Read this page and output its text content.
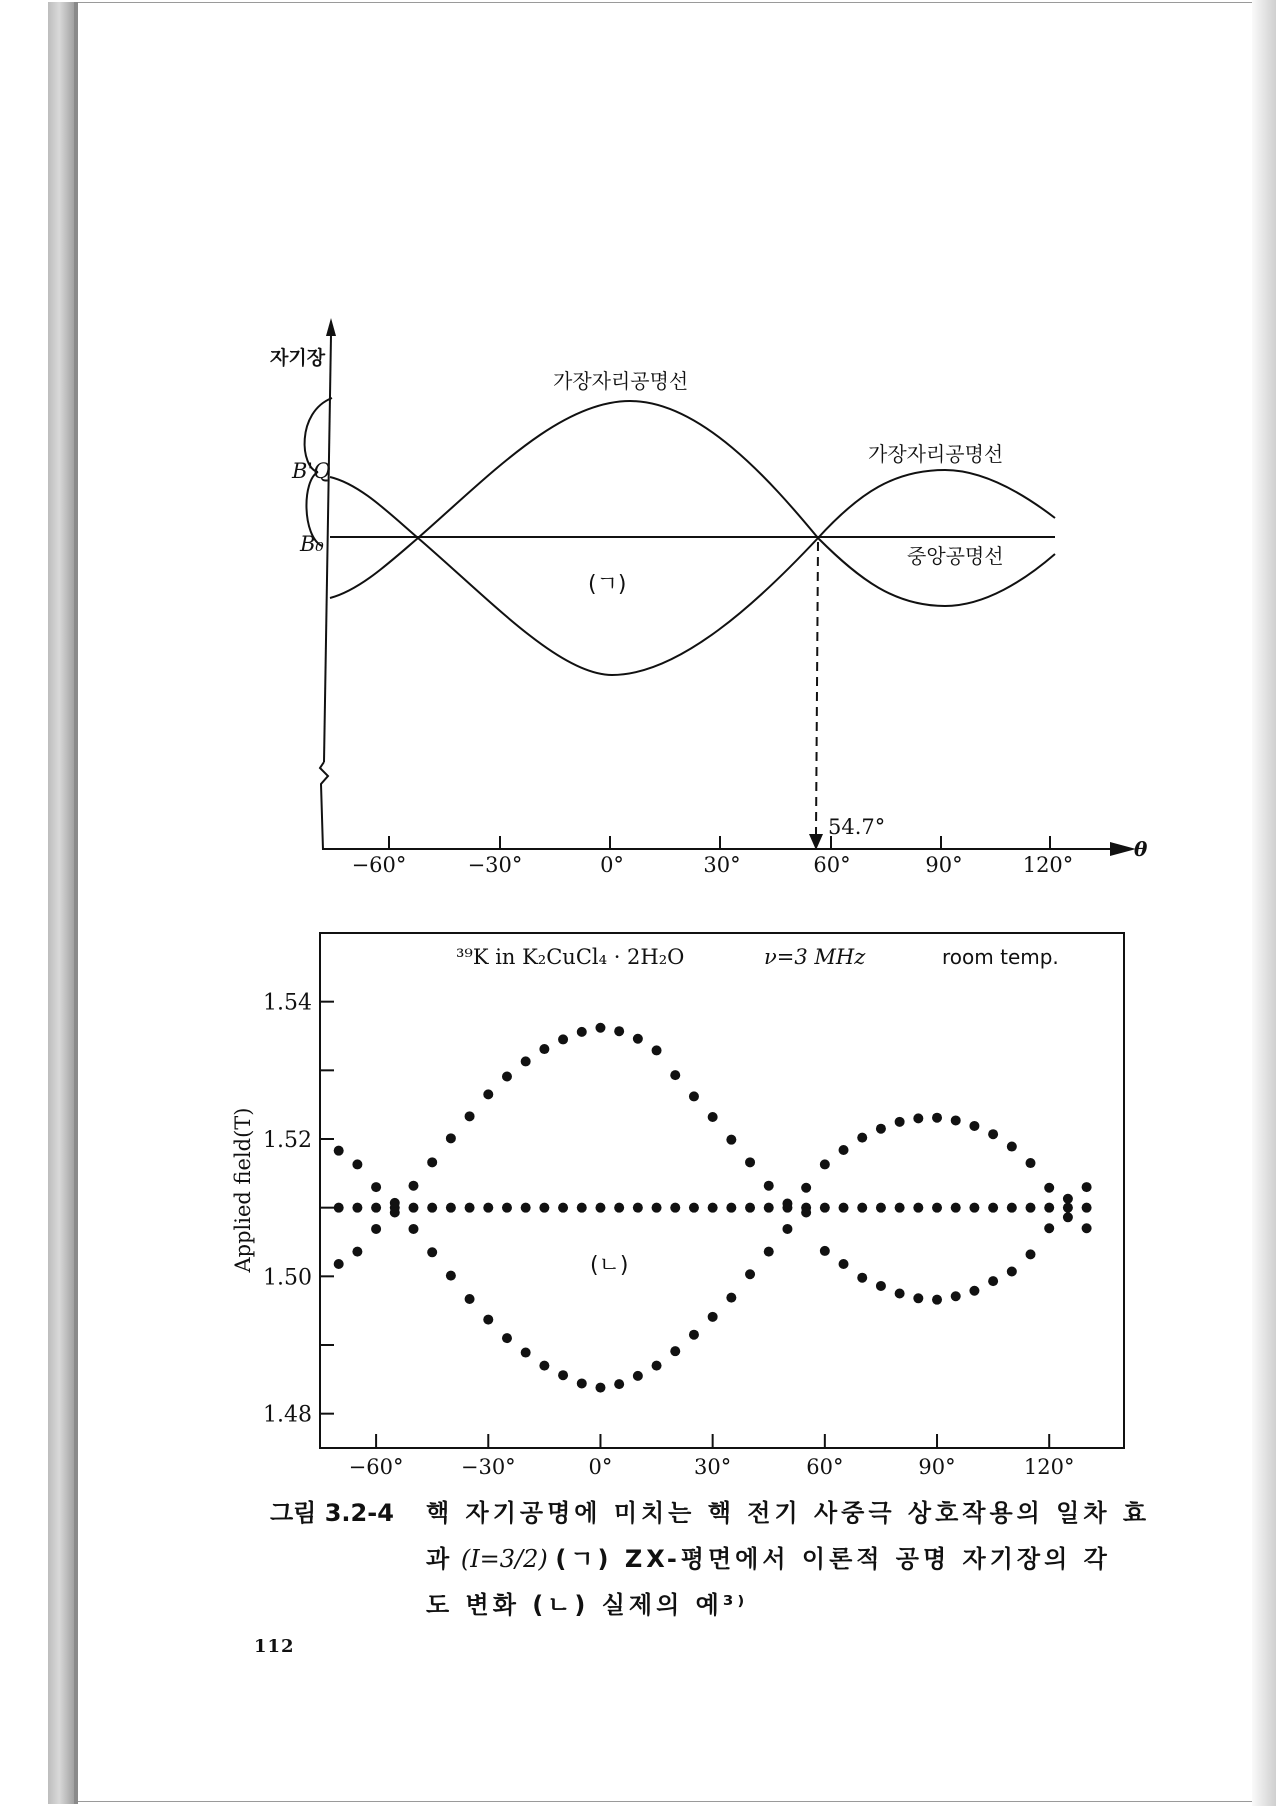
자기장
B'Q
B₀
가장자리공명선
가장자리공명선
중앙공명선
(ㄱ)
54.7°
θ
−60°	−30°	0°	30°	60°	90°	120°
³⁹K in K₂CuCl₄ · 2H₂O	ν=3 MHz	room temp.
(ㄴ)
Applied field(T)
1.54
1.52
1.50
1.48
−60°	−30°	0°	30°	60°	90°	120°
그림 3.2-4 핵 자기공명에 미치는 핵 전기 사중극 상호작용의 일차 효
과 (I=3/2) (ㄱ) ZX-평면에서 이론적 공명 자기장의 각
도 변화 (ㄴ) 실제의 예³⁾
112
